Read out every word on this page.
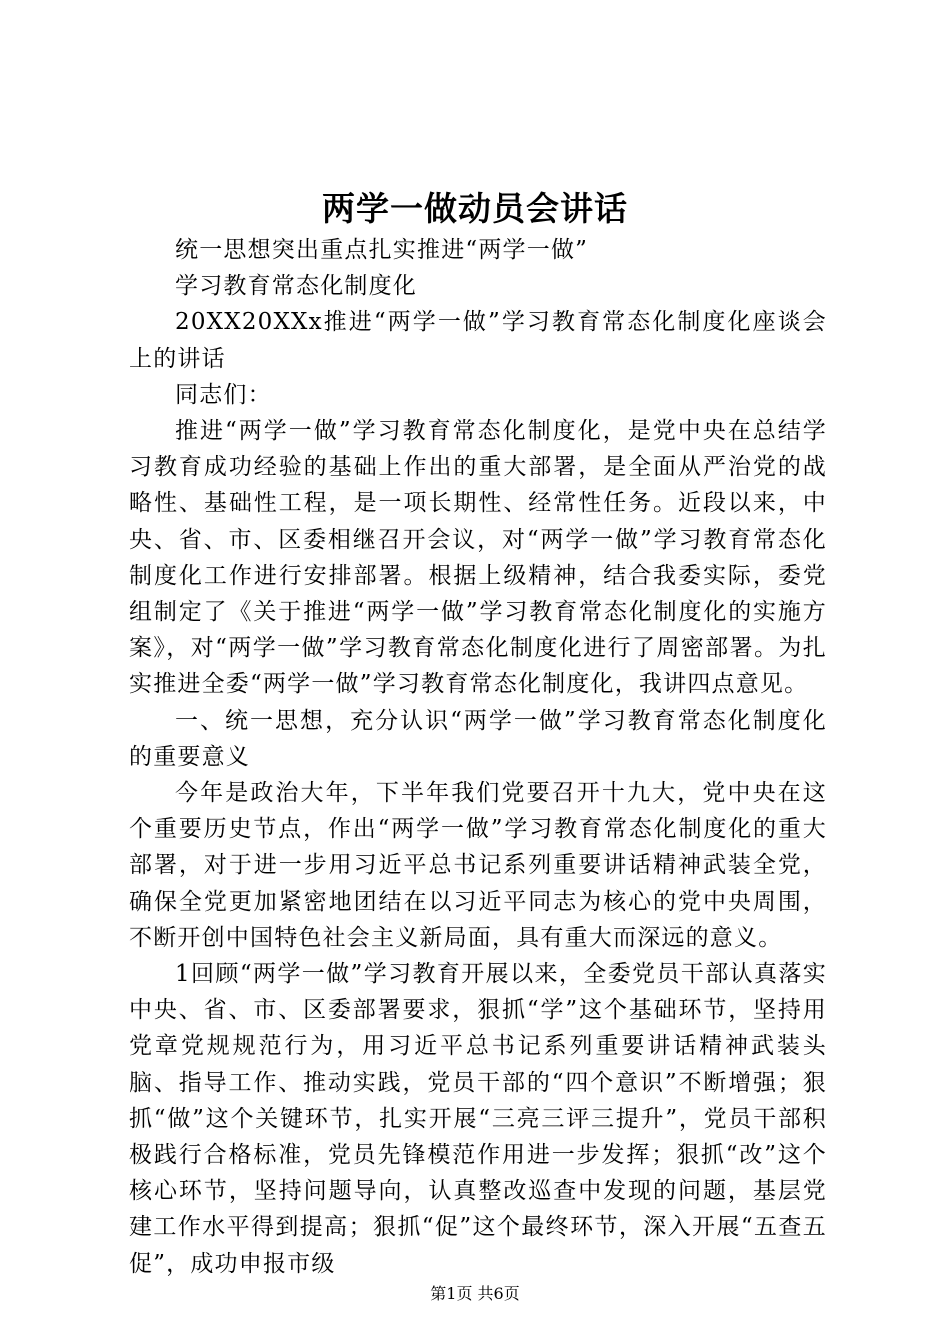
两学一做动员会讲话

统一思想突出重点扎实推进“两学一做”

学习教育常态化制度化

20XX20XXx推进“两学一做”学习教育常态化制度化座谈会上的讲话

同志们：

推进“两学一做”学习教育常态化制度化，是党中央在总结学习教育成功经验的基础上作出的重大部署，是全面从严治党的战略性、基础性工程，是一项长期性、经常性任务。近段以来，中央、省、市、区委相继召开会议，对“两学一做”学习教育常态化制度化工作进行安排部署。根据上级精神，结合我委实际，委党组制定了《关于推进“两学一做”学习教育常态化制度化的实施方案》，对“两学一做”学习教育常态化制度化进行了周密部署。为扎实推进全委“两学一做”学习教育常态化制度化，我讲四点意见。

一、统一思想，充分认识“两学一做”学习教育常态化制度化的重要意义

今年是政治大年，下半年我们党要召开十九大，党中央在这个重要历史节点，作出“两学一做”学习教育常态化制度化的重大部署，对于进一步用习近平总书记系列重要讲话精神武装全党，确保全党更加紧密地团结在以习近平同志为核心的党中央周围，不断开创中国特色社会主义新局面，具有重大而深远的意义。

1回顾“两学一做”学习教育开展以来，全委党员干部认真落实中央、省、市、区委部署要求，狠抓“学”这个基础环节，坚持用党章党规规范行为，用习近平总书记系列重要讲话精神武装头脑、指导工作、推动实践，党员干部的“四个意识”不断增强；狠抓“做”这个关键环节，扎实开展“三亮三评三提升”，党员干部积极践行合格标准，党员先锋模范作用进一步发挥；狠抓“改”这个核心环节，坚持问题导向，认真整改巡查中发现的问题，基层党建工作水平得到提高；狠抓“促”这个最终环节，深入开展“五查五促”，成功申报市级

第1页 共6页
